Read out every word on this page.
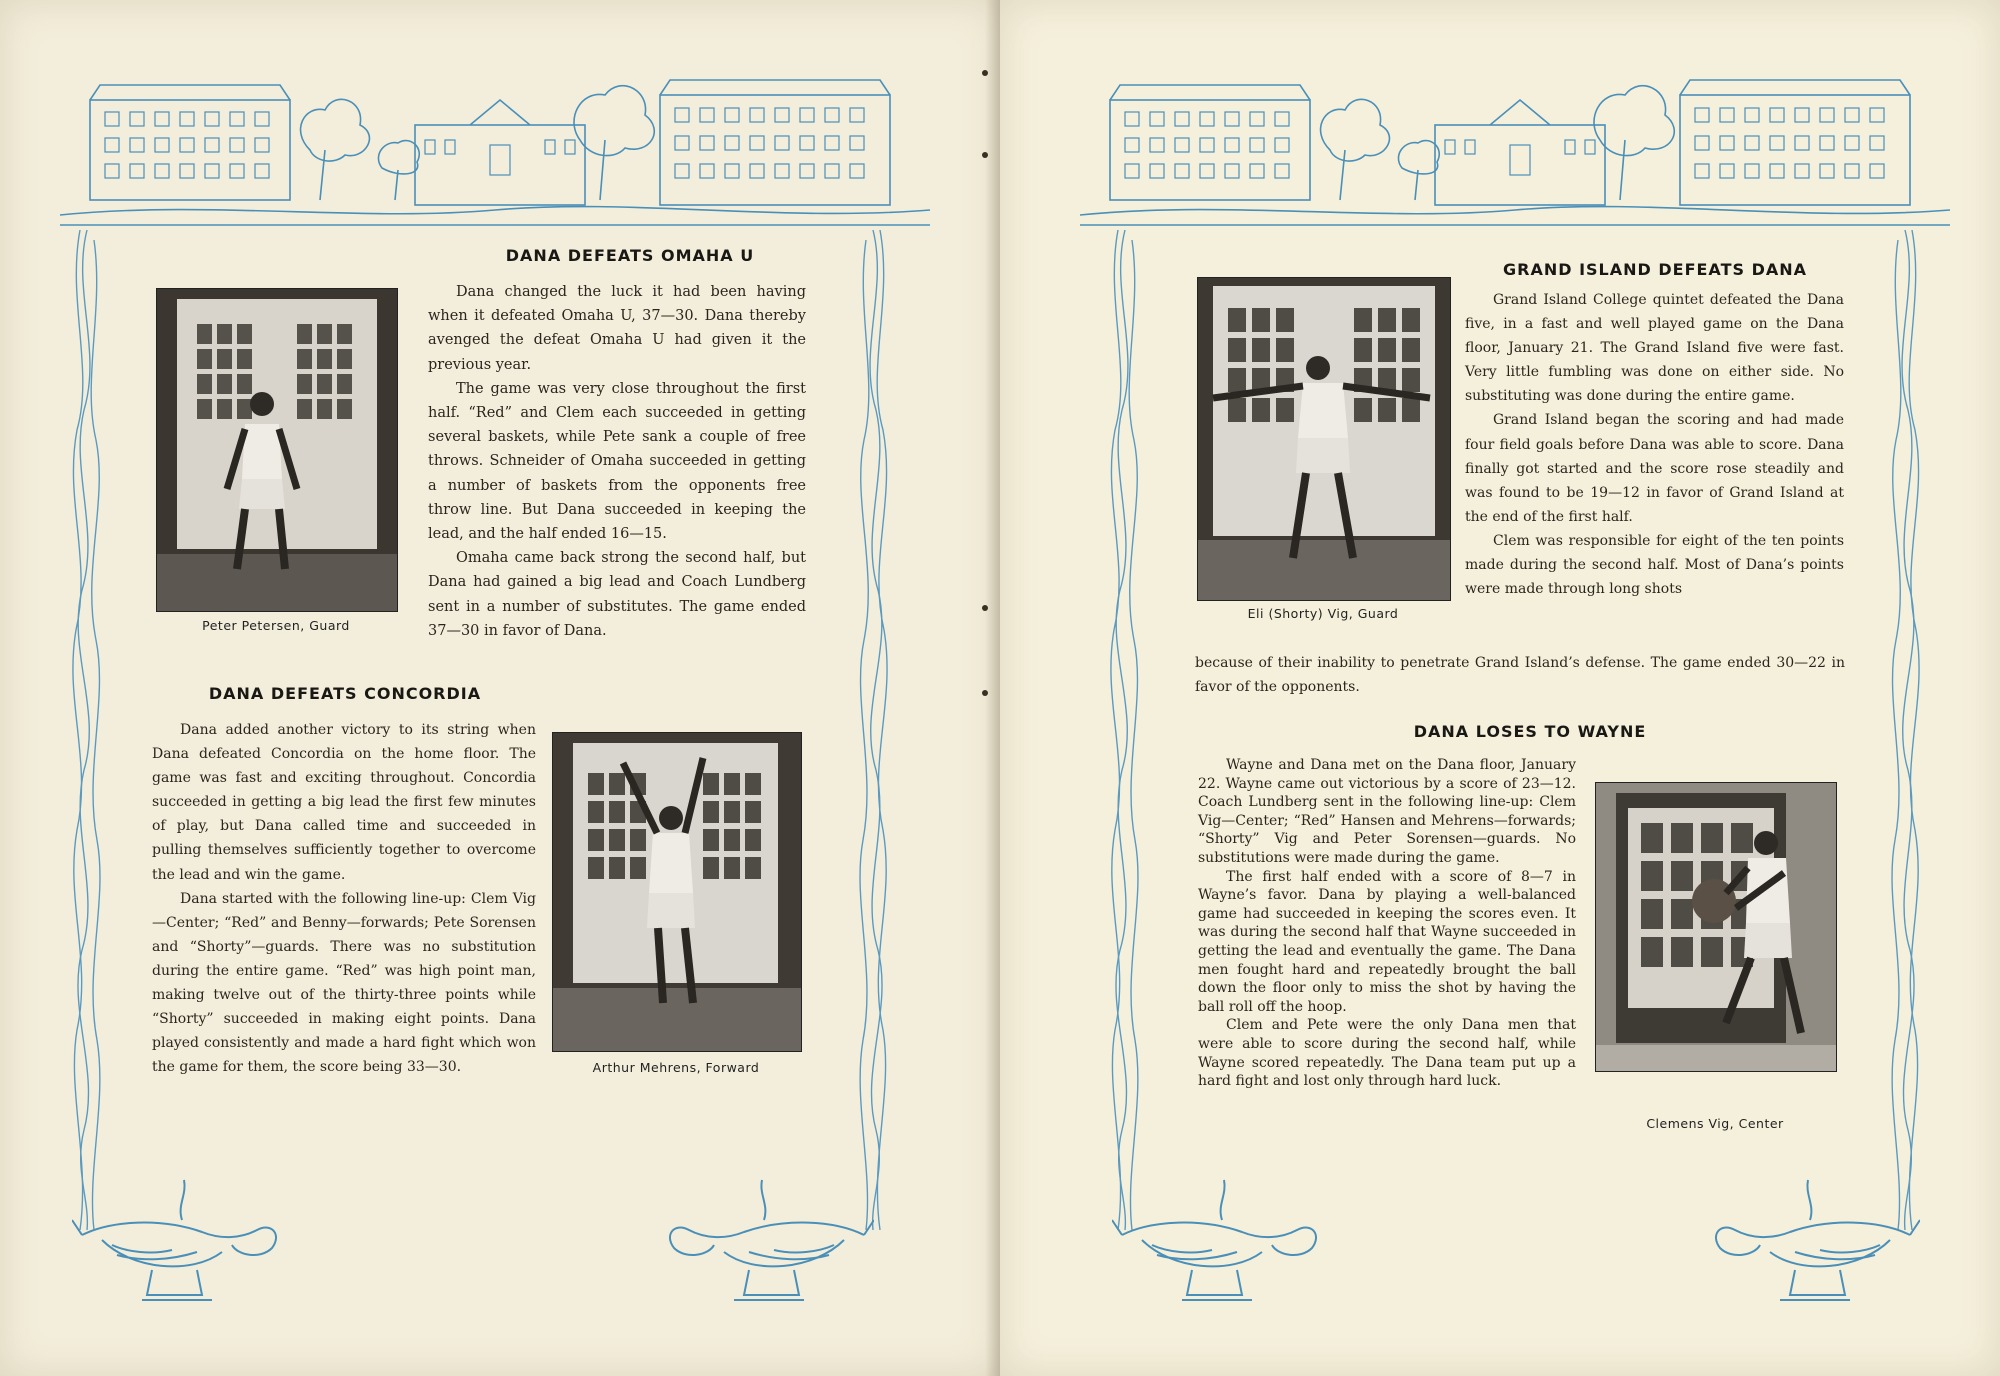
DANA DEFEATS OMAHA U
Peter Petersen, Guard

Dana changed the luck it had been having when it defeated Omaha U, 37—30. Dana thereby avenged the defeat Omaha U had given it the previous year.

The game was very close throughout the first half. “Red” and Clem each succeeded in getting several baskets, while Pete sank a couple of free throws. Schneider of Omaha succeeded in getting a number of baskets from the opponents free throw line. But Dana succeeded in keeping the lead, and the half ended 16—15.

Omaha came back strong the second half, but Dana had gained a big lead and Coach Lundberg sent in a number of substitutes. The game ended 37—30 in favor of Dana.

DANA DEFEATS CONCORDIA

Dana added another victory to its string when Dana defeated Concordia on the home floor. The game was fast and exciting throughout. Concordia succeeded in getting a big lead the first few minutes of play, but Dana called time and succeeded in pulling themselves sufficiently together to overcome the lead and win the game.

Dana started with the following line-up: Clem Vig—Center; “Red” and Benny—forwards; Pete Sorensen and “Shorty”—guards. There was no substitution during the entire game. “Red” was high point man, making twelve out of the thirty-three points while “Shorty” succeeded in making eight points. Dana played consistently and made a hard fight which won the game for them, the score being 33—30.	Arthur Mehrens, Forward
Eli (Shorty) Vig, Guard
GRAND ISLAND DEFEATS DANA

Grand Island College quintet defeated the Dana five, in a fast and well played game on the Dana floor, January 21. The Grand Island five were fast. Very little fumbling was done on either side. No substituting was done during the entire game.

Grand Island began the scoring and had made four field goals before Dana was able to score. Dana finally got started and the score rose steadily and was found to be 19—12 in favor of Grand Island at the end of the first half.

Clem was responsible for eight of the ten points made during the second half. Most of Dana’s points were made through long shots

because of their inability to penetrate Grand Island’s defense. The game ended 30—22 in favor of the opponents.

DANA LOSES TO WAYNE

Wayne and Dana met on the Dana floor, January 22. Wayne came out victorious by a score of 23—12. Coach Lundberg sent in the following line-up: Clem Vig—Center; “Red” Hansen and Mehrens—forwards; “Shorty” Vig and Peter Sorensen—guards. No substitutions were made during the game.

The first half ended with a score of 8—7 in Wayne’s favor. Dana by playing a well-balanced game had succeeded in keeping the scores even. It was during the second half that Wayne succeeded in getting the lead and eventually the game. The Dana men fought hard and repeatedly brought the ball down the floor only to miss the shot by having the ball roll off the hoop.

Clem and Pete were the only Dana men that were able to score during the second half, while Wayne scored repeatedly. The Dana team put up a hard fight and lost only through hard luck.

Clemens Vig, Center
